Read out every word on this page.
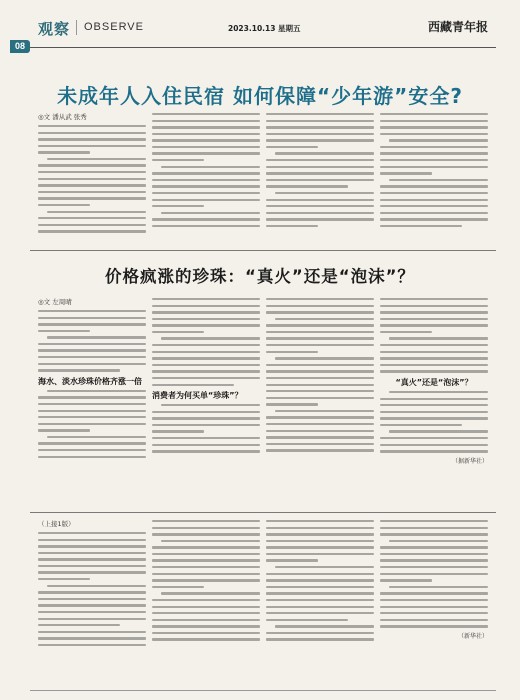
观察 OBSERVE	2023.10.13 星期五	西藏青年报
08
未成年人入住民宿 如何保障“少年游”安全?
◎文 潘从武 张秀
价格疯涨的珍珠：“真火”还是“泡沫”？
◎文 左周晴
海水、淡水珍珠价格齐涨一倍
消费者为何买单“珍珠”？
“真火”还是“泡沫”？
（据新华社）
（上接1版）
（新华社）
